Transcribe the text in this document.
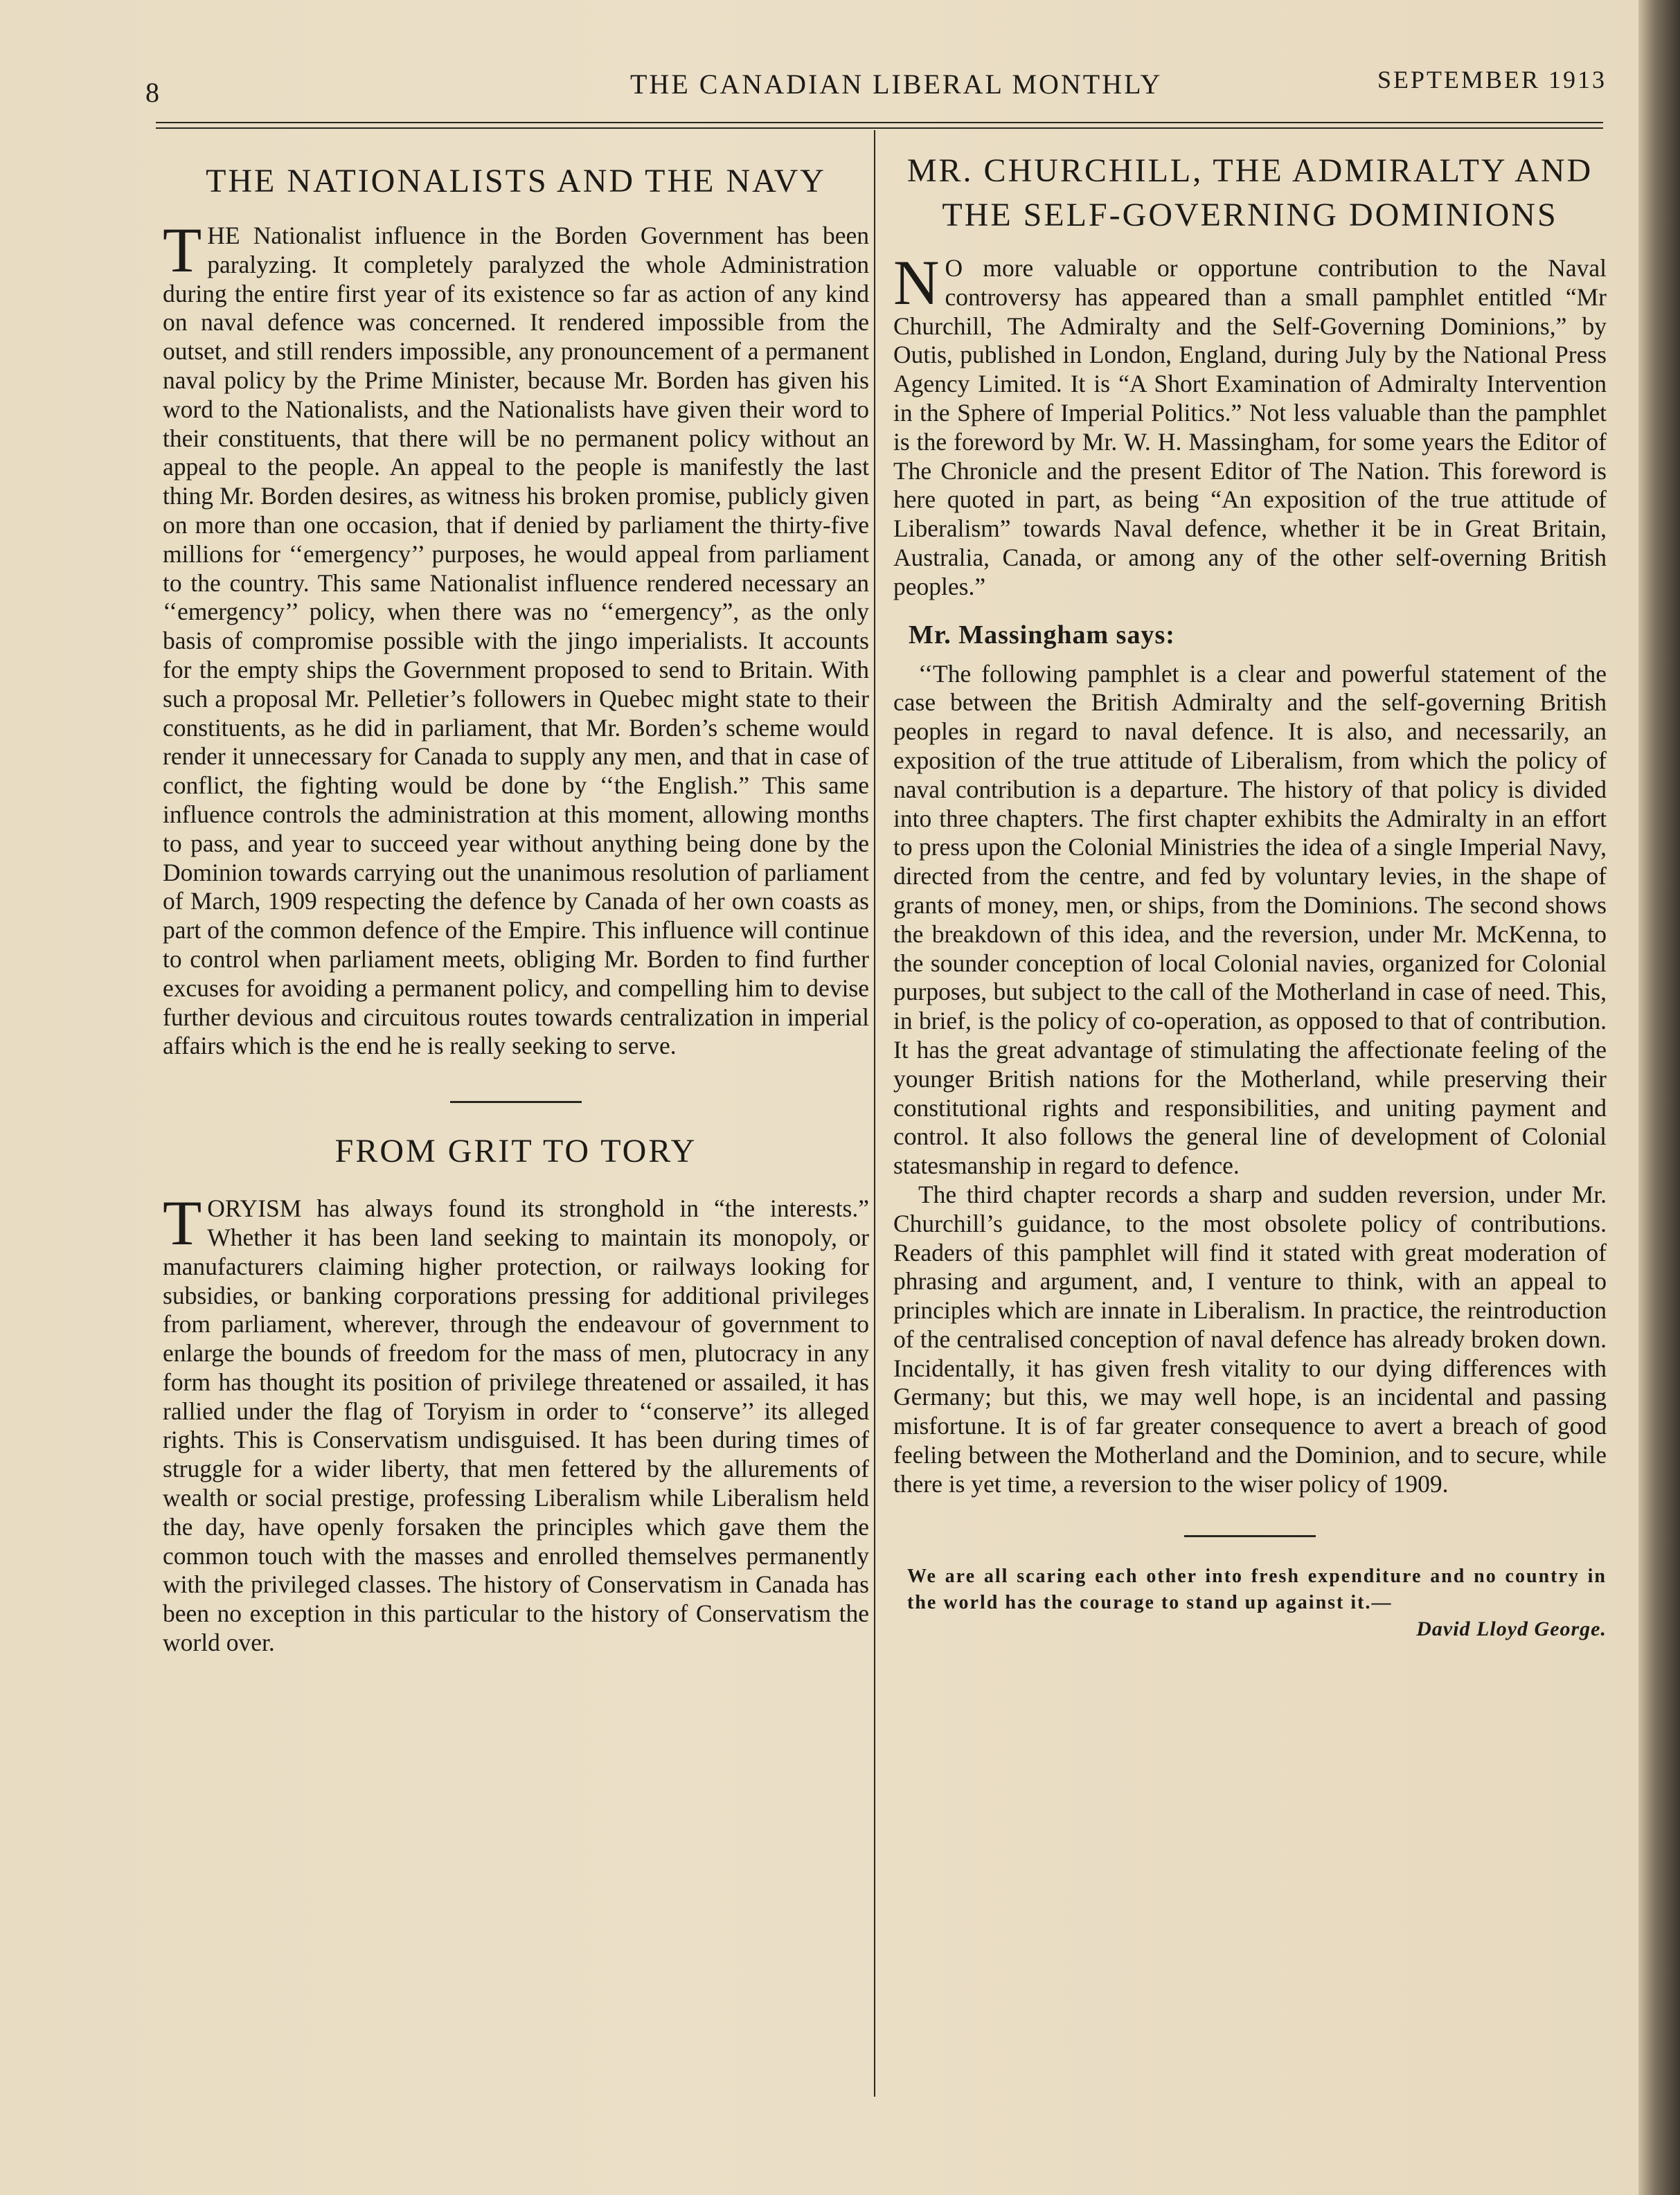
8	THE CANADIAN LIBERAL MONTHLY	SEPTEMBER 1913
THE NATIONALISTS AND THE NAVY

THE Nationalist influence in the Borden Government has been paralyzing. It completely paralyzed the whole Administration during the entire first year of its existence so far as action of any kind on naval defence was concerned. It rendered impossible from the outset, and still renders impossible, any pronouncement of a permanent naval policy by the Prime Minister, because Mr. Borden has given his word to the Nationalists, and the Nationalists have given their word to their constituents, that there will be no permanent policy without an appeal to the people. An appeal to the people is manifestly the last thing Mr. Borden desires, as witness his broken promise, publicly given on more than one occasion, that if denied by parliament the thirty-five millions for ‘‘emergency’’ purposes, he would appeal from parliament to the country. This same Nationalist influence rendered necessary an ‘‘emergency’’ policy, when there was no ‘‘emergency”, as the only basis of compromise possible with the jingo imperialists. It accounts for the empty ships the Government proposed to send to Britain. With such a proposal Mr. Pelletier’s followers in Quebec might state to their constituents, as he did in parliament, that Mr. Borden’s scheme would render it unnecessary for Canada to supply any men, and that in case of conflict, the fighting would be done by ‘‘the English.” This same influence controls the administration at this moment, allowing months to pass, and year to succeed year without anything being done by the Dominion towards carrying out the unanimous resolution of parliament of March, 1909 respecting the defence by Canada of her own coasts as part of the common defence of the Empire. This influence will continue to control when parliament meets, obliging Mr. Borden to find further excuses for avoiding a permanent policy, and compelling him to devise further devious and circuitous routes towards centralization in imperial affairs which is the end he is really seeking to serve.

FROM GRIT TO TORY

TORYISM has always found its stronghold in “the interests.” Whether it has been land seeking to maintain its monopoly, or manufacturers claiming higher protection, or railways looking for subsidies, or banking corporations pressing for additional privileges from parliament, wherever, through the endeavour of government to enlarge the bounds of freedom for the mass of men, plutocracy in any form has thought its position of privilege threatened or assailed, it has rallied under the flag of Toryism in order to ‘‘conserve’’ its alleged rights. This is Conservatism undisguised. It has been during times of struggle for a wider liberty, that men fettered by the allurements of wealth or social prestige, professing Liberalism while Liberalism held the day, have openly forsaken the principles which gave them the common touch with the masses and enrolled themselves permanently with the privileged classes. The history of Conservatism in Canada has been no exception in this particular to the history of Conservatism the world over.

MR. CHURCHILL, THE ADMIRALTY AND THE SELF-GOVERNING DOMINIONS

N O more valuable or opportune contribution to the Naval controversy has appeared than a small pamphlet entitled “Mr Churchill, The Admiralty and the Self-Governing Dominions,” by Outis, published in London, England, during July by the National Press Agency Limited. It is “A Short Examination of Admiralty Intervention in the Sphere of Imperial Politics.” Not less valuable than the pamphlet is the foreword by Mr. W. H. Massingham, for some years the Editor of The Chronicle and the present Editor of The Nation. This foreword is here quoted in part, as being “An exposition of the true attitude of Liberalism” towards Naval defence, whether it be in Great Britain, Australia, Canada, or among any of the other self-overning British peoples.”

Mr. Massingham says:

‘‘The following pamphlet is a clear and powerful statement of the case between the British Admiralty and the self-governing British peoples in regard to naval defence. It is also, and necessarily, an exposition of the true attitude of Liberalism, from which the policy of naval contribution is a departure. The history of that policy is divided into three chapters. The first chapter exhibits the Admiralty in an effort to press upon the Colonial Ministries the idea of a single Imperial Navy, directed from the centre, and fed by voluntary levies, in the shape of grants of money, men, or ships, from the Dominions. The second shows the breakdown of this idea, and the reversion, under Mr. McKenna, to the sounder conception of local Colonial navies, organized for Colonial purposes, but subject to the call of the Motherland in case of need. This, in brief, is the policy of co-operation, as opposed to that of contribution. It has the great advantage of stimulating the affectionate feeling of the younger British nations for the Motherland, while preserving their constitutional rights and responsibilities, and uniting payment and control. It also follows the general line of development of Colonial statesmanship in regard to defence.

The third chapter records a sharp and sudden reversion, under Mr. Churchill’s guidance, to the most obsolete policy of contributions. Readers of this pamphlet will find it stated with great moderation of phrasing and argument, and, I venture to think, with an appeal to principles which are innate in Liberalism. In practice, the reintroduction of the centralised conception of naval defence has already broken down. Incidentally, it has given fresh vitality to our dying differences with Germany; but this, we may well hope, is an incidental and passing misfortune. It is of far greater consequence to avert a breach of good feeling between the Motherland and the Dominion, and to secure, while there is yet time, a reversion to the wiser policy of 1909.

We are all scaring each other into fresh expenditure and no country in the world has the courage to stand up against it.—
David Lloyd George.
